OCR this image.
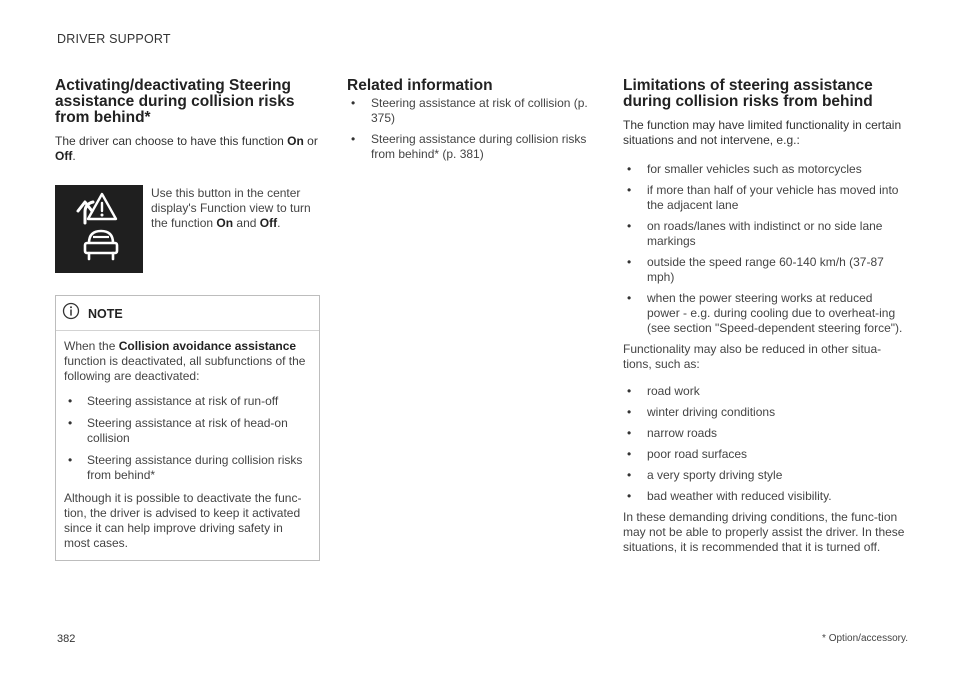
DRIVER SUPPORT
Activating/deactivating Steering assistance during collision risks from behind*

The driver can choose to have this function On or Off.

Use this button in the center display's Function view to turn the function On and Off.
NOTE

When the Collision avoidance assistance function is deactivated, all subfunctions of the following are deactivated:

• Steering assistance at risk of run-off
• Steering assistance at risk of head-on collision
• Steering assistance during collision risks from behind*

Although it is possible to deactivate the func-tion, the driver is advised to keep it activated since it can help improve driving safety in most cases.

Related information
• Steering assistance at risk of collision (p. 375)
• Steering assistance during collision risks from behind* (p. 381)
Limitations of steering assistance during collision risks from behind

The function may have limited functionality in certain situations and not intervene, e.g.:

• for smaller vehicles such as motorcycles
• if more than half of your vehicle has moved into the adjacent lane
• on roads/lanes with indistinct or no side lane markings
• outside the speed range 60-140 km/h (37-87 mph)
• when the power steering works at reduced power - e.g. during cooling due to overheat-ing (see section "Speed-dependent steering force").

Functionality may also be reduced in other situa-tions, such as:

• road work
• winter driving conditions
• narrow roads
• poor road surfaces
• a very sporty driving style
• bad weather with reduced visibility.

In these demanding driving conditions, the func-tion may not be able to properly assist the driver. In these situations, it is recommended that it is turned off.

382	* Option/accessory.
